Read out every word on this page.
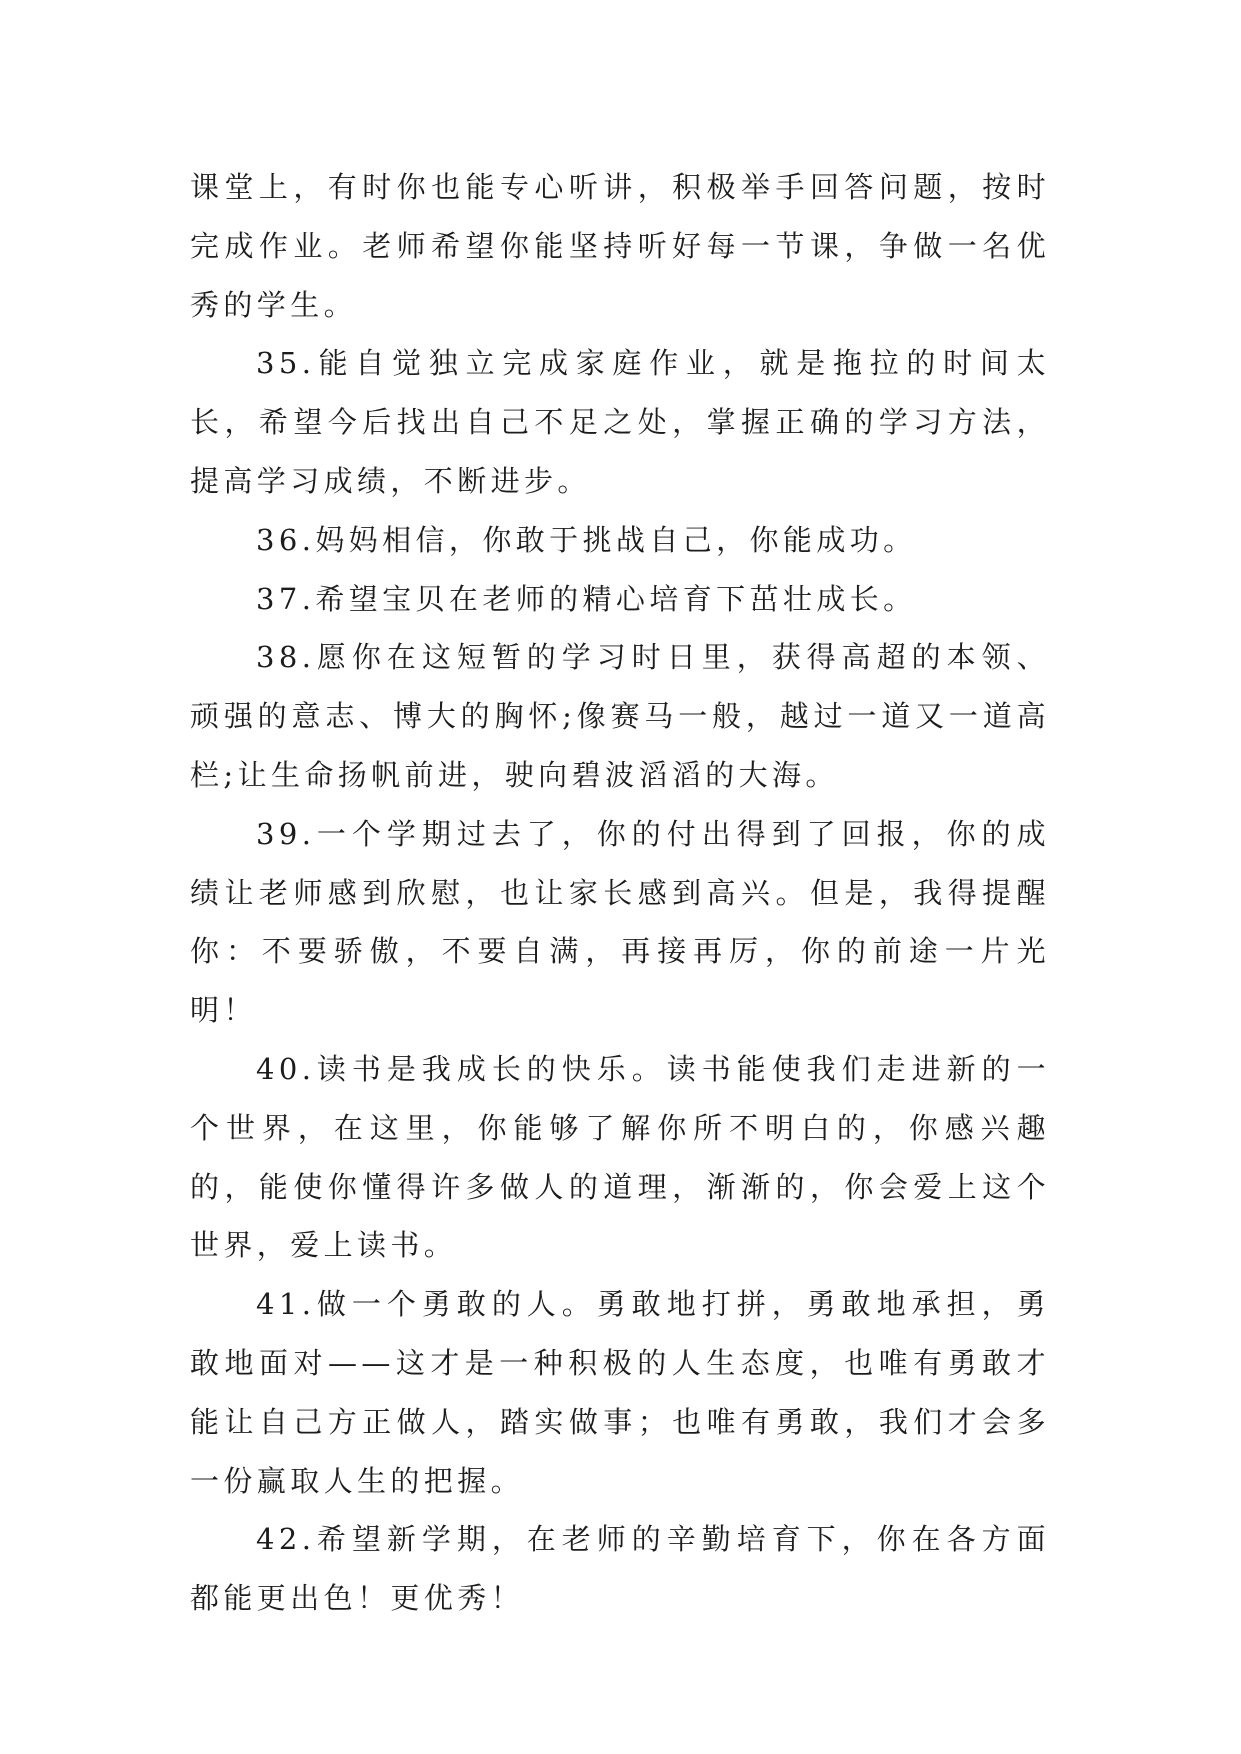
课堂上，有时你也能专心听讲，积极举手回答问题，按时完成作业。老师希望你能坚持听好每一节课，争做一名优秀的学生。

35.能自觉独立完成家庭作业，就是拖拉的时间太长，希望今后找出自己不足之处，掌握正确的学习方法，提高学习成绩，不断进步。

36.妈妈相信，你敢于挑战自己，你能成功。

37.希望宝贝在老师的精心培育下茁壮成长。

38.愿你在这短暂的学习时日里，获得高超的本领、顽强的意志、博大的胸怀;像赛马一般，越过一道又一道高栏;让生命扬帆前进，驶向碧波滔滔的大海。

39.一个学期过去了，你的付出得到了回报，你的成绩让老师感到欣慰，也让家长感到高兴。但是，我得提醒你：不要骄傲，不要自满，再接再厉，你的前途一片光明！

40.读书是我成长的快乐。读书能使我们走进新的一个世界，在这里，你能够了解你所不明白的，你感兴趣的，能使你懂得许多做人的道理，渐渐的，你会爱上这个世界，爱上读书。

41.做一个勇敢的人。勇敢地打拼，勇敢地承担，勇敢地面对——这才是一种积极的人生态度，也唯有勇敢才能让自己方正做人，踏实做事；也唯有勇敢，我们才会多一份赢取人生的把握。

42.希望新学期，在老师的辛勤培育下，你在各方面都能更出色！更优秀！
